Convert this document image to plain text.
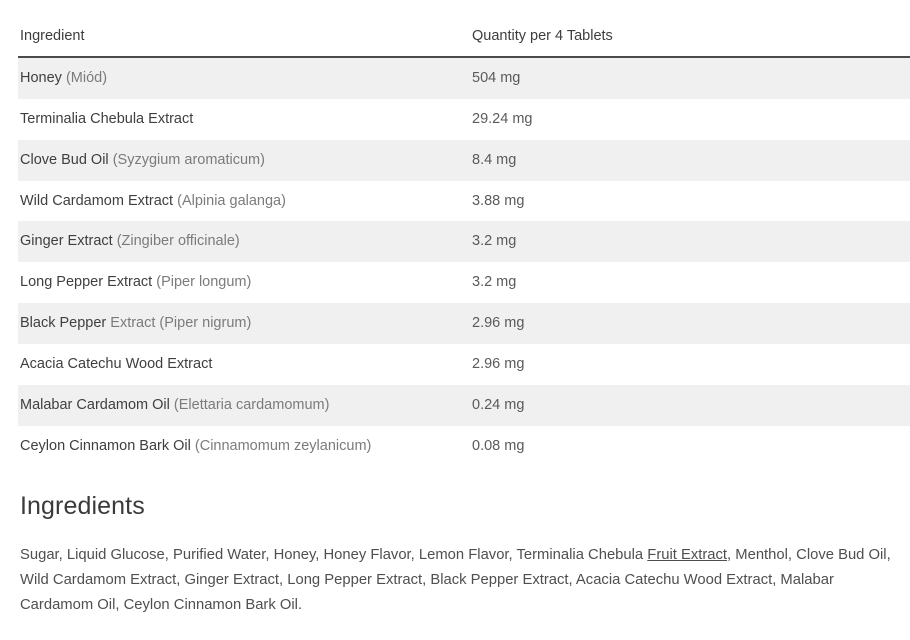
Ingredient	Quantity per 4 Tablets
Honey (Miód)	504 mg
Terminalia Chebula Extract	29.24 mg
Clove Bud Oil (Syzygium aromaticum)	8.4 mg
Wild Cardamom Extract (Alpinia galanga)	3.88 mg
Ginger Extract (Zingiber officinale)	3.2 mg
Long Pepper Extract (Piper longum)	3.2 mg
Black Pepper Extract (Piper nigrum)	2.96 mg
Acacia Catechu Wood Extract	2.96 mg
Malabar Cardamom Oil (Elettaria cardamomum)	0.24 mg
Ceylon Cinnamon Bark Oil (Cinnamomum zeylanicum)	0.08 mg
Ingredients

Sugar, Liquid Glucose, Purified Water, Honey, Honey Flavor, Lemon Flavor, Terminalia Chebula Fruit Extract, Menthol, Clove Bud Oil, Wild Cardamom Extract, Ginger Extract, Long Pepper Extract, Black Pepper Extract, Acacia Catechu Wood Extract, Malabar Cardamom Oil, Ceylon Cinnamon Bark Oil.
